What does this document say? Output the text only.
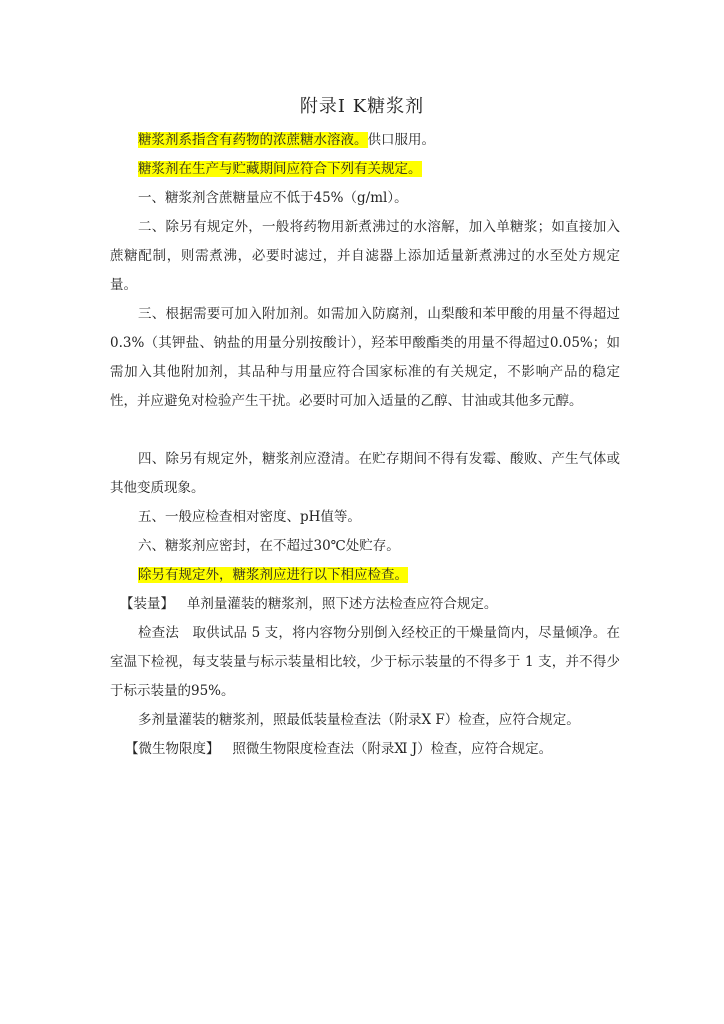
附录Ⅰ K糖浆剂
糖浆剂系指含有药物的浓蔗糖水溶液。供口服用。
糖浆剂在生产与贮藏期间应符合下列有关规定。
一、糖浆剂含蔗糖量应不低于45%（g/ml）。
二、除另有规定外，一般将药物用新煮沸过的水溶解，加入单糖浆；如直接加入蔗糖配制，则需煮沸，必要时滤过，并自滤器上添加适量新煮沸过的水至处方规定量。
三、根据需要可加入附加剂。如需加入防腐剂，山梨酸和苯甲酸的用量不得超过 0.3%（其钾盐、钠盐的用量分别按酸计），羟苯甲酸酯类的用量不得超过0.05%；如需加入其他附加剂，其品种与用量应符合国家标准的有关规定，不影响产品的稳定性，并应避免对检验产生干扰。必要时可加入适量的乙醇、甘油或其他多元醇。
四、除另有规定外，糖浆剂应澄清。在贮存期间不得有发霉、酸败、产生气体或其他变质现象。
五、一般应检查相对密度、pH值等。
六、糖浆剂应密封，在不超过30℃处贮存。
除另有规定外，糖浆剂应进行以下相应检查。
【装量】 单剂量灌装的糖浆剂，照下述方法检查应符合规定。
检查法 取供试品 5 支，将内容物分别倒入经校正的干燥量筒内，尽量倾净。在室温下检视，每支装量与标示装量相比较，少于标示装量的不得多于 1 支，并不得少于标示装量的95%。
多剂量灌装的糖浆剂，照最低装量检查法（附录Ⅹ F）检查，应符合规定。
【微生物限度】 照微生物限度检查法（附录Ⅺ J）检查，应符合规定。
